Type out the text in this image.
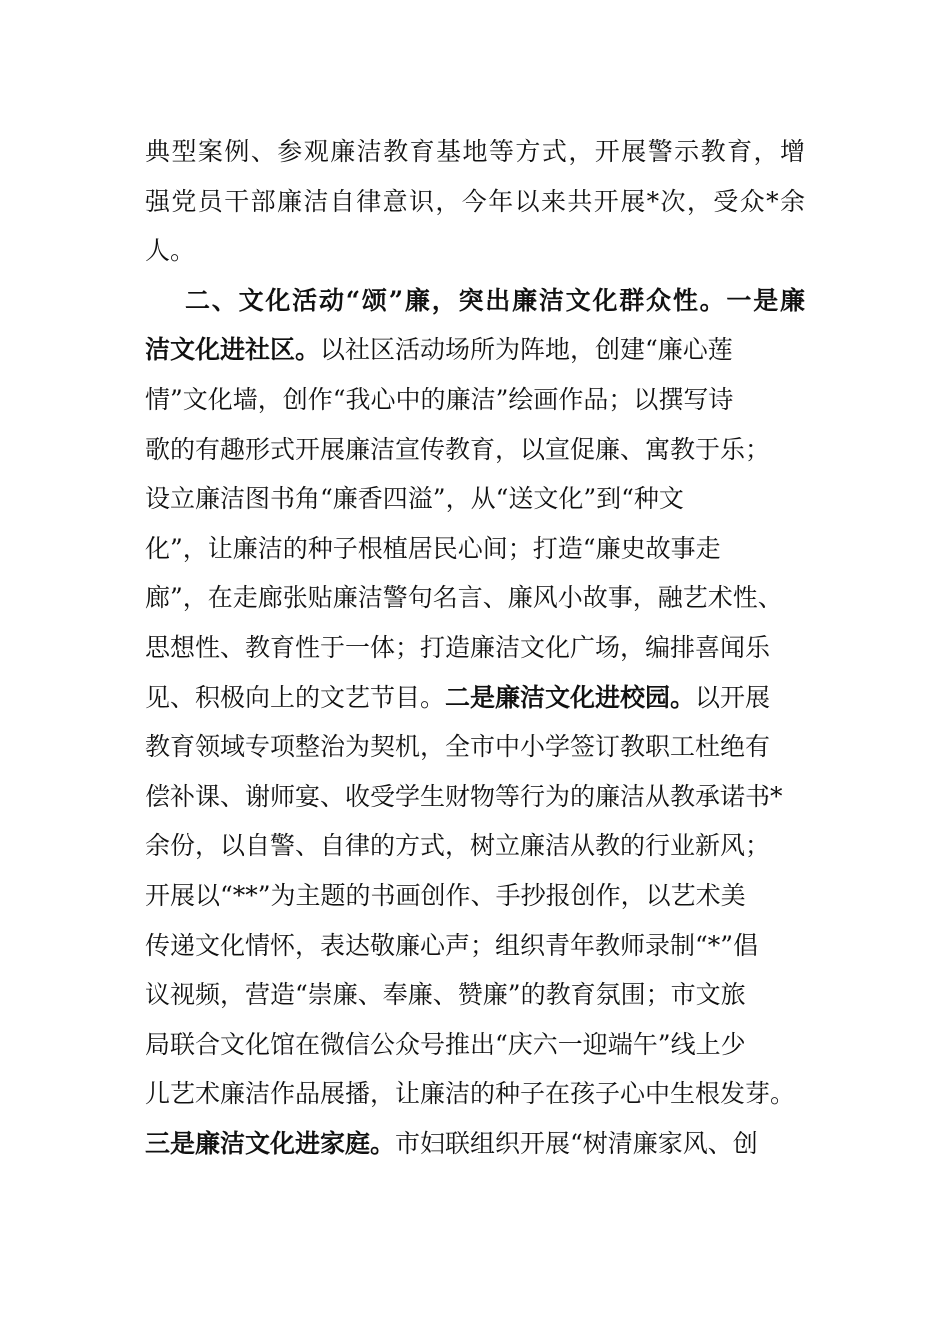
典型案例、参观廉洁教育基地等方式，开展警示教育，增
强党员干部廉洁自律意识，今年以来共开展*次，受众*余
人。
二、文化活动“颂”廉，突出廉洁文化群众性。一是廉
洁文化进社区。以社区活动场所为阵地，创建“廉心莲
情”文化墙，创作“我心中的廉洁”绘画作品；以撰写诗
歌的有趣形式开展廉洁宣传教育，以宣促廉、寓教于乐；
设立廉洁图书角“廉香四溢”，从“送文化”到“种文
化”，让廉洁的种子根植居民心间；打造“廉史故事走
廊”，在走廊张贴廉洁警句名言、廉风小故事，融艺术性、
思想性、教育性于一体；打造廉洁文化广场，编排喜闻乐
见、积极向上的文艺节目。二是廉洁文化进校园。以开展
教育领域专项整治为契机，全市中小学签订教职工杜绝有
偿补课、谢师宴、收受学生财物等行为的廉洁从教承诺书*
余份，以自警、自律的方式，树立廉洁从教的行业新风；
开展以“**”为主题的书画创作、手抄报创作，以艺术美
传递文化情怀，表达敬廉心声；组织青年教师录制“*”倡
议视频，营造“崇廉、奉廉、赞廉”的教育氛围；市文旅
局联合文化馆在微信公众号推出“庆六一迎端午”线上少
儿艺术廉洁作品展播，让廉洁的种子在孩子心中生根发芽。
三是廉洁文化进家庭。市妇联组织开展“树清廉家风、创
